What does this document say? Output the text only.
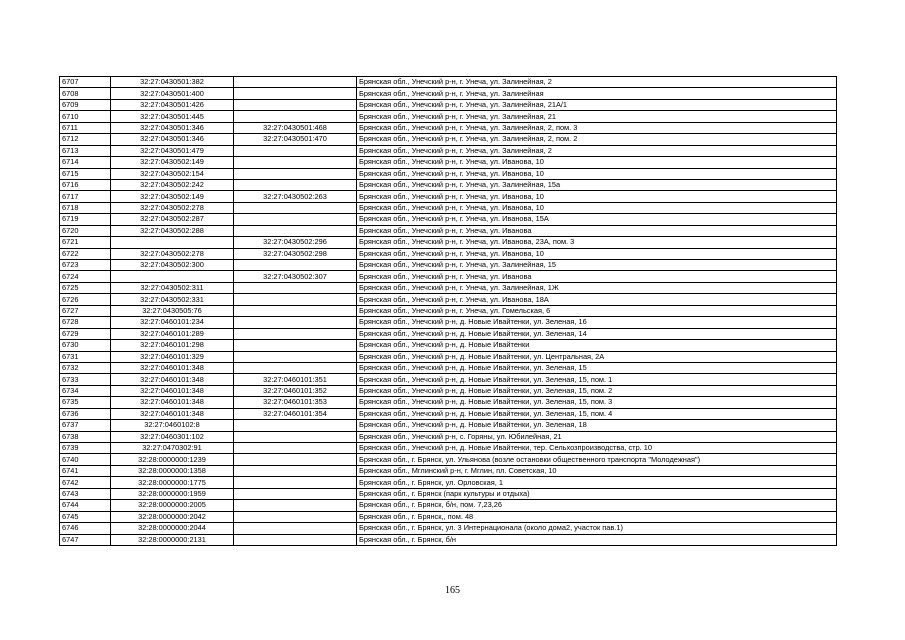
6707	32:27:0430501:382		Брянская обл., Унечский р-н, г. Унеча, ул. Залинейная, 2
6708	32:27:0430501:400		Брянская обл., Унечский р-н, г. Унеча, ул. Залинейная
6709	32:27:0430501:426		Брянская обл., Унечский р-н, г. Унеча, ул. Залинейная, 21А/1
6710	32:27:0430501:445		Брянская обл., Унечский р-н, г. Унеча, ул. Залинейная, 21
6711	32:27:0430501:346	32:27:0430501:468	Брянская обл., Унечский р-н, г. Унеча, ул. Залинейная, 2, пом. 3
6712	32:27:0430501:346	32:27:0430501:470	Брянская обл., Унечский р-н, г. Унеча, ул. Залинейная, 2, пом. 2
6713	32:27:0430501:479		Брянская обл., Унечский р-н, г. Унеча, ул. Залинейная, 2
6714	32:27:0430502:149		Брянская обл., Унечский р-н, г. Унеча, ул. Иванова, 10
6715	32:27:0430502:154		Брянская обл., Унечский р-н, г. Унеча, ул. Иванова, 10
6716	32:27:0430502:242		Брянская обл., Унечский р-н, г. Унеча, ул. Залинейная, 15а
6717	32:27:0430502:149	32:27:0430502:263	Брянская обл., Унечский р-н, г. Унеча, ул. Иванова, 10
6718	32:27:0430502:278		Брянская обл., Унечский р-н, г. Унеча, ул. Иванова, 10
6719	32:27:0430502:287		Брянская обл., Унечский р-н, г. Унеча, ул. Иванова, 15А
6720	32:27:0430502:288		Брянская обл., Унечский р-н, г. Унеча, ул. Иванова
6721		32:27:0430502:296	Брянская обл., Унечский р-н, г. Унеча, ул. Иванова, 23А, пом. 3
6722	32:27:0430502:278	32:27:0430502:298	Брянская обл., Унечский р-н, г. Унеча, ул. Иванова, 10
6723	32:27:0430502:300		Брянская обл., Унечский р-н, г. Унеча, ул. Залинейная, 15
6724		32:27:0430502:307	Брянская обл., Унечский р-н, г. Унеча, ул. Иванова
6725	32:27:0430502:311		Брянская обл., Унечский р-н, г. Унеча, ул. Залинейная, 1Ж
6726	32:27:0430502:331		Брянская обл., Унечский р-н, г. Унеча, ул. Иванова, 18А
6727	32:27:0430505:76		Брянская обл., Унечский р-н, г. Унеча, ул. Гомельская, 6
6728	32:27:0460101:234		Брянская обл., Унечский р-н, д. Новые Ивайтенки, ул. Зеленая, 16
6729	32:27:0460101:289		Брянская обл., Унечский р-н, д. Новые Ивайтенки, ул. Зеленая, 14
6730	32:27:0460101:298		Брянская обл., Унечский р-н, д. Новые Ивайтенки
6731	32:27:0460101:329		Брянская обл., Унечский р-н, д. Новые Ивайтенки, ул. Центральная, 2А
6732	32:27:0460101:348		Брянская обл., Унечский р-н, д. Новые Ивайтенки, ул. Зеленая, 15
6733	32:27:0460101:348	32:27:0460101:351	Брянская обл., Унечский р-н, д. Новые Ивайтенки, ул. Зеленая, 15, пом. 1
6734	32:27:0460101:348	32:27:0460101:352	Брянская обл., Унечский р-н, д. Новые Ивайтенки, ул. Зеленая, 15, пом. 2
6735	32:27:0460101:348	32:27:0460101:353	Брянская обл., Унечский р-н, д. Новые Ивайтенки, ул. Зеленая, 15, пом. 3
6736	32:27:0460101:348	32:27:0460101:354	Брянская обл., Унечский р-н, д. Новые Ивайтенки, ул. Зеленая, 15, пом. 4
6737	32:27:0460102:8		Брянская обл., Унечский р-н, д. Новые Ивайтенки, ул. Зеленая, 18
6738	32:27:0460301:102		Брянская обл., Унечский р-н, с. Горяны, ул. Юбилейная, 21
6739	32:27:0470302:91		Брянская обл., Унечский р-н, д. Новые Ивайтенки, тер. Сельхозпроизводства, стр. 10
6740	32:28:0000000:1239		Брянская обл., г. Брянск, ул. Ульянова (возле остановки общественного транспорта "Молодежная")
6741	32:28:0000000:1358		Брянская обл., Мглинский р-н, г. Мглин, пл. Советская, 10
6742	32:28:0000000:1775		Брянская обл., г. Брянск, ул. Орловская, 1
6743	32:28:0000000:1959		Брянская обл., г. Брянск (парк культуры и отдыха)
6744	32:28:0000000:2005		Брянская обл., г. Брянск, б/н, пом. 7,23,26
6745	32:28:0000000:2042		Брянская обл., г. Брянск,, пом. 48
6746	32:28:0000000:2044		Брянская обл., г. Брянск, ул. 3 Интернационала (около дома2, участок пав.1)
6747	32:28:0000000:2131		Брянская обл., г. Брянск, б/н
165
